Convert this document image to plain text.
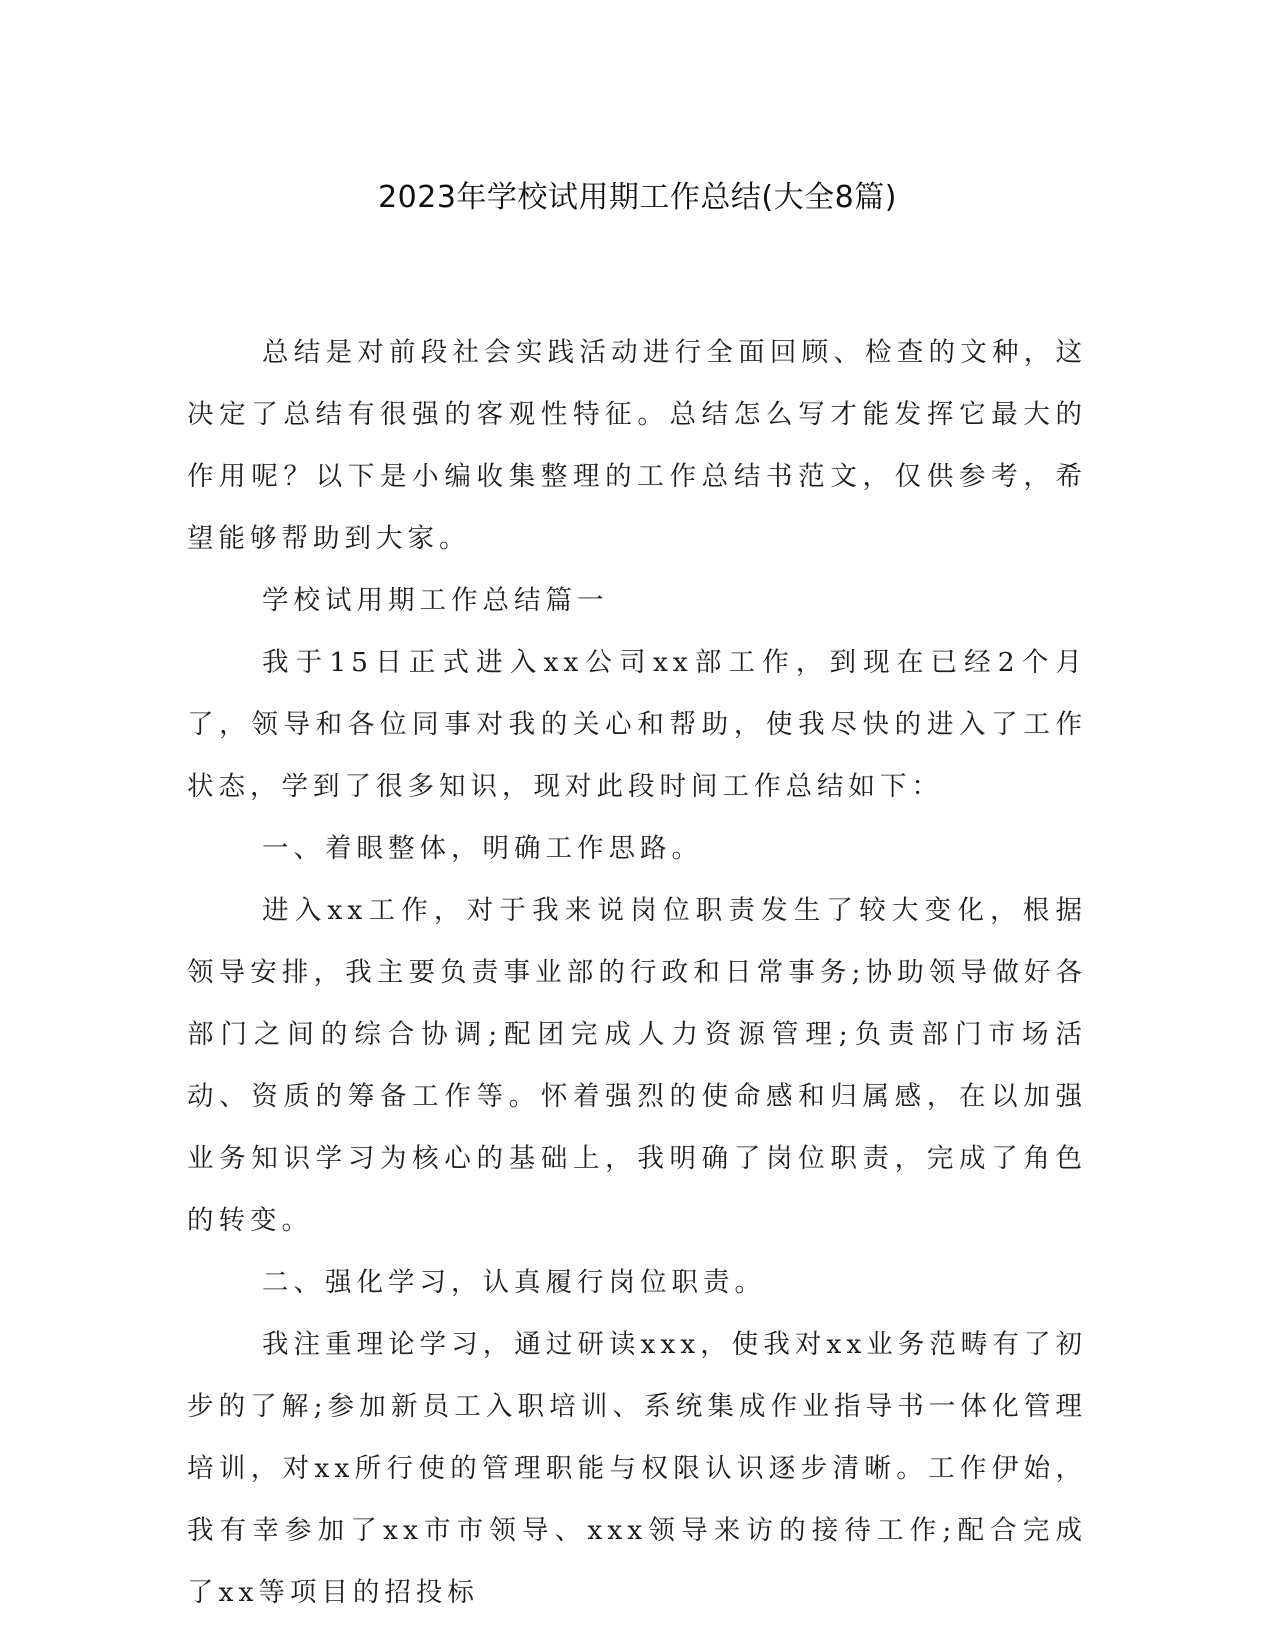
2023年学校试用期工作总结(大全8篇)

总结是对前段社会实践活动进行全面回顾、检查的文种，这决定了总结有很强的客观性特征。总结怎么写才能发挥它最大的作用呢？以下是小编收集整理的工作总结书范文，仅供参考，希望能够帮助到大家。

学校试用期工作总结篇一

我于15日正式进入xx公司xx部工作，到现在已经2个月了，领导和各位同事对我的关心和帮助，使我尽快的进入了工作状态，学到了很多知识，现对此段时间工作总结如下：

一、着眼整体，明确工作思路。

进入xx工作，对于我来说岗位职责发生了较大变化，根据领导安排，我主要负责事业部的行政和日常事务;协助领导做好各部门之间的综合协调;配团完成人力资源管理;负责部门市场活动、资质的筹备工作等。怀着强烈的使命感和归属感，在以加强业务知识学习为核心的基础上，我明确了岗位职责，完成了角色的转变。

二、强化学习，认真履行岗位职责。

我注重理论学习，通过研读xxx，使我对xx业务范畴有了初步的了解;参加新员工入职培训、系统集成作业指导书一体化管理培训，对xx所行使的管理职能与权限认识逐步清晰。工作伊始，我有幸参加了xx市市领导、xxx领导来访的接待工作;配合完成了xx等项目的招投标
